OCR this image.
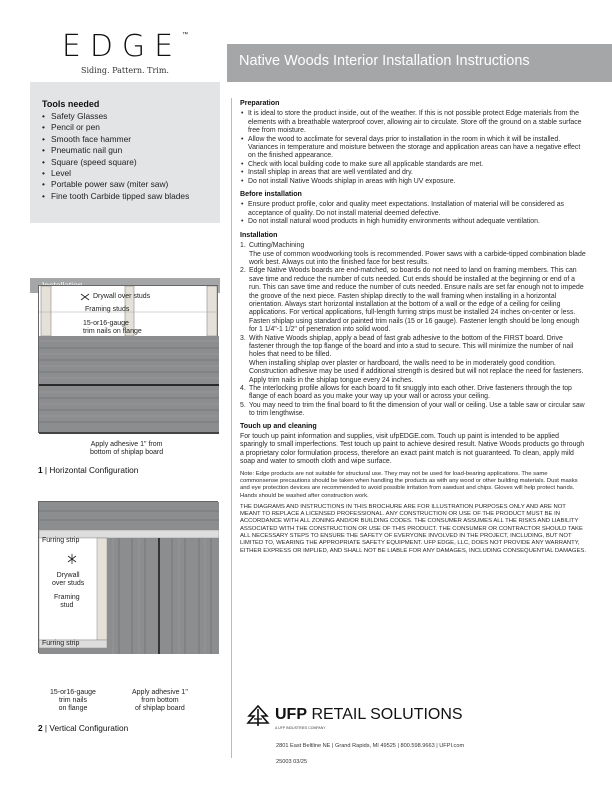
EDGE™
Siding. Pattern. Trim.
Native Woods Interior Installation Instructions
Tools needed
• Safety Glasses
• Pencil or pen
• Smooth face hammer
• Pneumatic nail gun
• Square (speed square)
• Level
• Portable power saw (miter saw)
• Fine tooth Carbide tipped saw blades
Drywall over studs
Framing studs
15-or16-gauge
trim nails on flange
Apply adhesive 1" from
bottom of shiplap board
1 | Horizontal Configuration
Furring strip
Drywall
over studs
Framing
stud
Furring strip
15-or16-gauge
trim nails
on flange
Apply adhesive 1"
from bottom
of shiplap board
2 | Vertical Configuration
Preparation
• It is ideal to store the product inside, out of the weather. If this is not possible protect Edge materials from the elements with a breathable waterproof cover, allowing air to circulate. Store off the ground on a stable surface free from moisture.
• Allow the wood to acclimate for several days prior to installation in the room in which it will be installed. Variances in temperature and moisture between the storage and application areas can have a negative effect on the finished appearance.
• Check with local building code to make sure all applicable standards are met.
• Install shiplap in areas that are well ventilated and dry.
• Do not install Native Woods shiplap in areas with high UV exposure.
Before installation
• Ensure product profile, color and quality meet expectations. Installation of material will be considered as acceptance of quality. Do not install material deemed defective.
• Do not install natural wood products in high humidity environments without adequate ventilation.
Installation
1. Cutting/Machining
The use of common woodworking tools is recommended. Power saws with a carbide-tipped combination blade work best. Always cut into the finished face for best results.
2. Edge Native Woods boards are end-matched, so boards do not need to land on framing members. This can save time and reduce the number of cuts needed. Cut ends should be installed at the beginning or end of a run. This can save time and reduce the number of cuts needed. Ensure nails are set far enough not to impede the groove of the next piece. Fasten shiplap directly to the wall framing when installing in a horizontal orientation. Always start horizontal installation at the bottom of a wall or the edge of a ceiling for ceiling applications. For vertical applications, full-length furring strips must be installed 24 inches on-center or less. Fasten shiplap using standard or painted trim nails (15 or 16 gauge). Fastener length should be long enough for 1 1/4"-1 1/2" of penetration into solid wood.
3. With Native Woods shiplap, apply a bead of fast grab adhesive to the bottom of the FIRST board. Drive fastener through the top flange of the board and into a stud to secure. This will minimize the number of nail holes that need to be filled.
When installing shiplap over plaster or hardboard, the walls need to be in moderately good condition. Construction adhesive may be used if additional strength is desired but will not replace the need for fasteners. Apply trim nails in the shiplap tongue every 24 inches.
4. The interlocking profile allows for each board to fit snuggly into each other. Drive fasteners through the top flange of each board as you make your way up your wall or across your ceiling.
5. You may need to trim the final board to fit the dimension of your wall or ceiling. Use a table saw or circular saw to trim lengthwise.
Touch up and cleaning
For touch up paint information and supplies, visit ufpEDGE.com. Touch up paint is intended to be applied sparingly to small imperfections. Test touch up paint to achieve desired result. Native Woods products go through a proprietary color formulation process, therefore an exact paint match is not guaranteed. To clean, apply mild soap and water to smooth cloth and wipe surface.
Note: Edge products are not suitable for structural use. They may not be used for load-bearing applications. The same commonsense precautions should be taken when handling the products as with any wood or other building materials. Dust masks and eye protection devices are recommended to avoid possible irritation from sawdust and chips. Gloves will help protect hands. Hands should be washed after construction work.
THE DIAGRAMS AND INSTRUCTIONS IN THIS BROCHURE ARE FOR ILLUSTRATION PURPOSES ONLY AND ARE NOT MEANT TO REPLACE A LICENSED PROFESSIONAL. ANY CONSTRUCTION OR USE OF THE PRODUCT MUST BE IN ACCORDANCE WITH ALL ZONING AND/OR BUILDING CODES. THE CONSUMER ASSUMES ALL THE RISKS AND LIABILITY ASSOCIATED WITH THE CONSTRUCTION OR USE OF THIS PRODUCT. THE CONSUMER OR CONTRACTOR SHOULD TAKE ALL NECESSARY STEPS TO ENSURE THE SAFETY OF EVERYONE INVOLVED IN THE PROJECT, INCLUDING, BUT NOT LIMITED TO, WEARING THE APPROPRIATE SAFETY EQUIPMENT. UFP EDGE, LLC, DOES NOT PROVIDE ANY WARRANTY, EITHER EXPRESS OR IMPLIED, AND SHALL NOT BE LIABLE FOR ANY DAMAGES, INCLUDING CONSEQUENTIAL DAMAGES.
UFP RETAIL SOLUTIONS
A UFP INDUSTRIES COMPANY
2801 East Beltline NE | Grand Rapids, MI 49525 | 800.598.9663 | UFPI.com
25003 03/25
